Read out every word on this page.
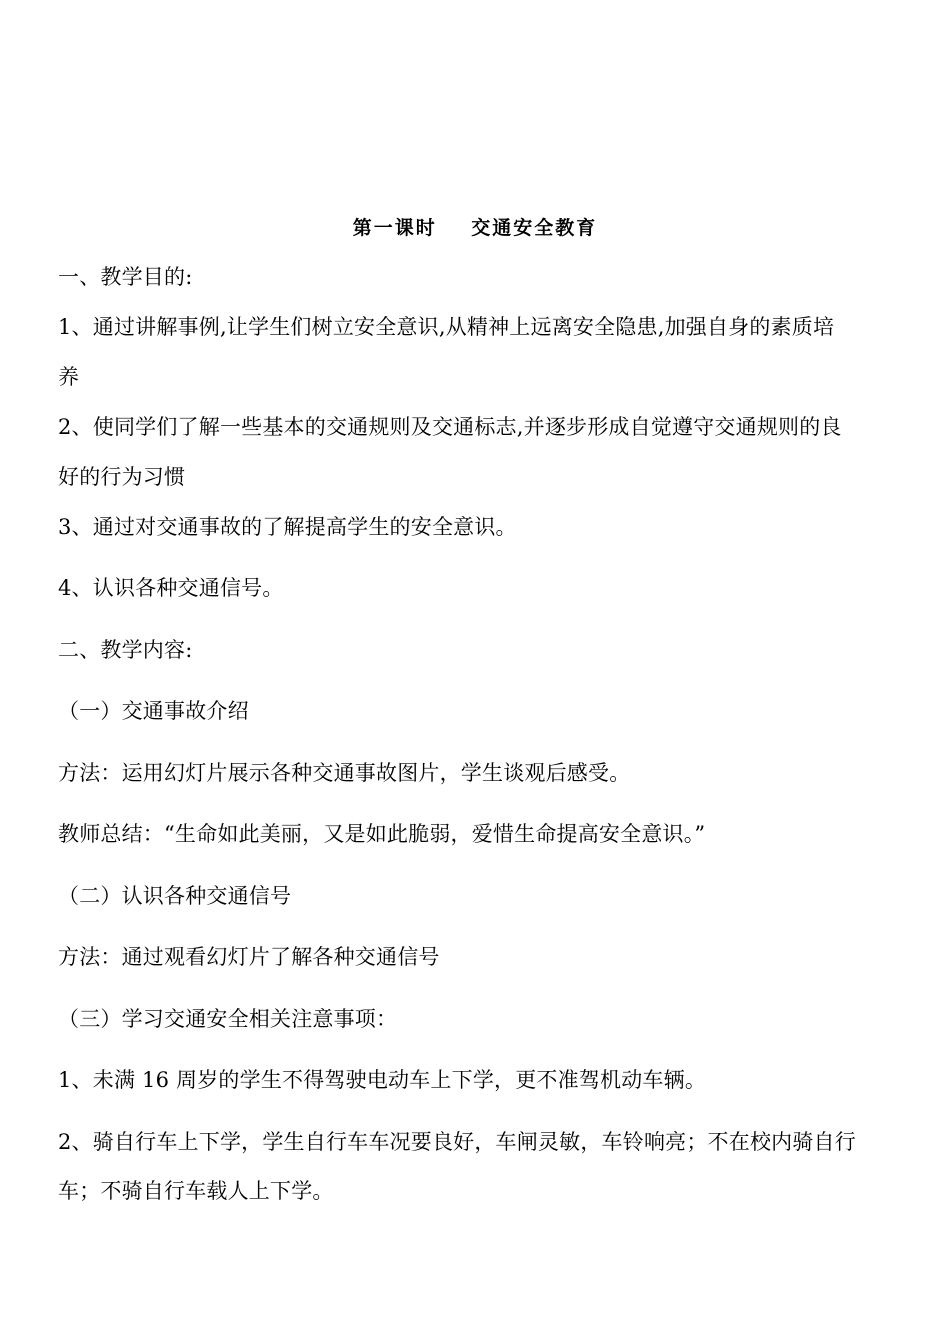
第一课时    交通安全教育
一、教学目的:
1、通过讲解事例,让学生们树立安全意识,从精神上远离安全隐患,加强自身的素质培
养
2、使同学们了解一些基本的交通规则及交通标志,并逐步形成自觉遵守交通规则的良
好的行为习惯
3、通过对交通事故的了解提高学生的安全意识。
4、认识各种交通信号。
二、教学内容:
（一）交通事故介绍
方法：运用幻灯片展示各种交通事故图片，学生谈观后感受。
教师总结：“生命如此美丽，又是如此脆弱，爱惜生命提高安全意识。”
（二）认识各种交通信号
方法：通过观看幻灯片了解各种交通信号
（三）学习交通安全相关注意事项：
1、未满 16 周岁的学生不得驾驶电动车上下学，更不准驾机动车辆。
2、骑自行车上下学，学生自行车车况要良好，车闸灵敏，车铃响亮；不在校内骑自行
车；不骑自行车载人上下学。
